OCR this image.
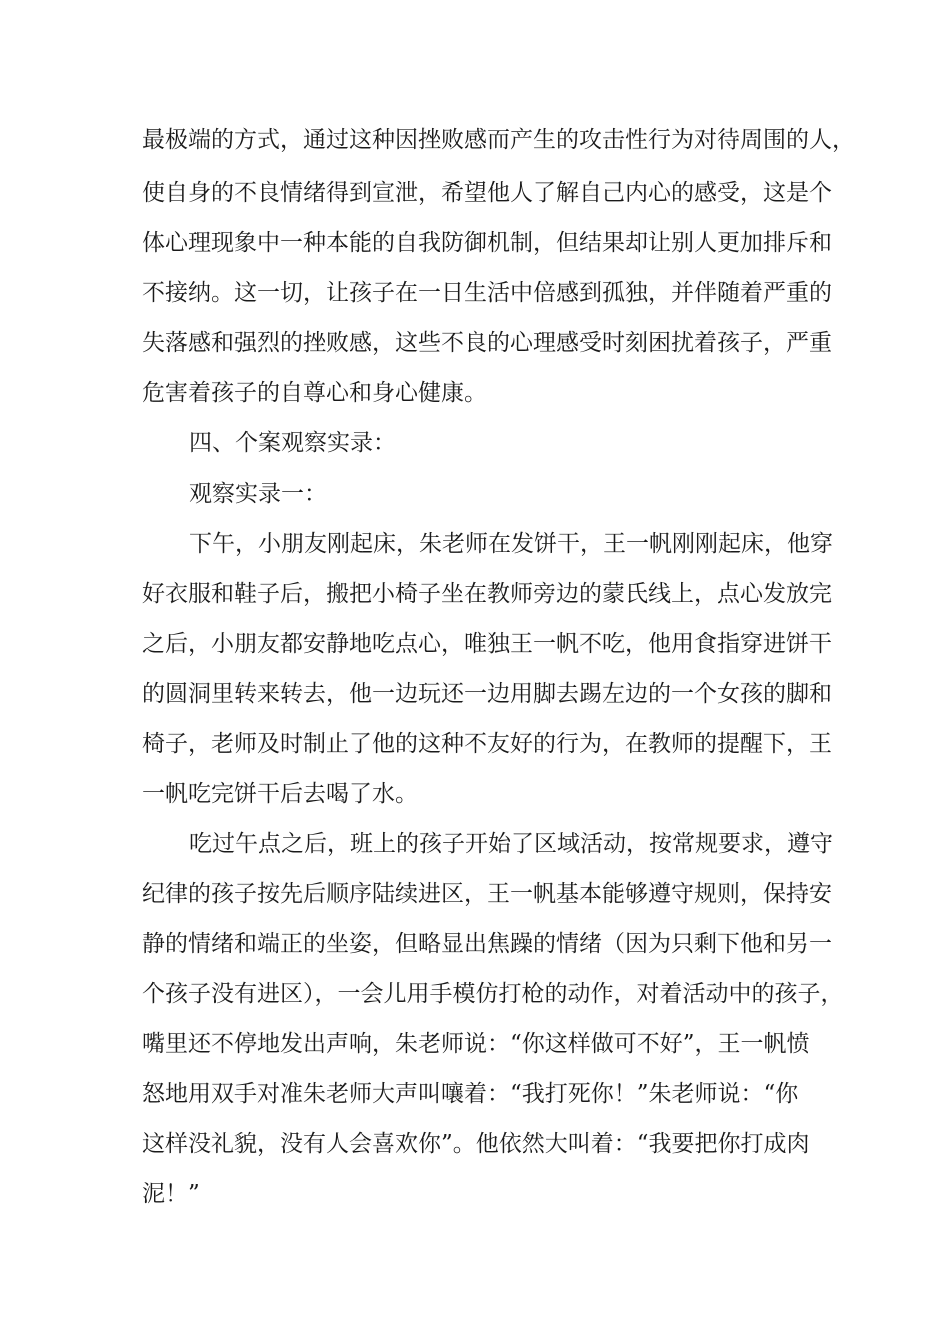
最极端的方式，通过这种因挫败感而产生的攻击性行为对待周围的人，

使自身的不良情绪得到宣泄，希望他人了解自己内心的感受，这是个

体心理现象中一种本能的自我防御机制，但结果却让别人更加排斥和

不接纳。这一切，让孩子在一日生活中倍感到孤独，并伴随着严重的

失落感和强烈的挫败感，这些不良的心理感受时刻困扰着孩子，严重

危害着孩子的自尊心和身心健康。

四、个案观察实录：

观察实录一：

下午，小朋友刚起床，朱老师在发饼干，王一帆刚刚起床，他穿

好衣服和鞋子后，搬把小椅子坐在教师旁边的蒙氏线上，点心发放完

之后，小朋友都安静地吃点心，唯独王一帆不吃，他用食指穿进饼干

的圆洞里转来转去，他一边玩还一边用脚去踢左边的一个女孩的脚和

椅子，老师及时制止了他的这种不友好的行为，在教师的提醒下，王

一帆吃完饼干后去喝了水。

吃过午点之后，班上的孩子开始了区域活动，按常规要求，遵守

纪律的孩子按先后顺序陆续进区，王一帆基本能够遵守规则，保持安

静的情绪和端正的坐姿，但略显出焦躁的情绪（因为只剩下他和另一

个孩子没有进区），一会儿用手模仿打枪的动作，对着活动中的孩子，

嘴里还不停地发出声响，朱老师说：“你这样做可不好”，王一帆愤

怒地用双手对准朱老师大声叫嚷着：“我打死你！”朱老师说：“你

这样没礼貌，没有人会喜欢你”。他依然大叫着：“我要把你打成肉

泥！”
